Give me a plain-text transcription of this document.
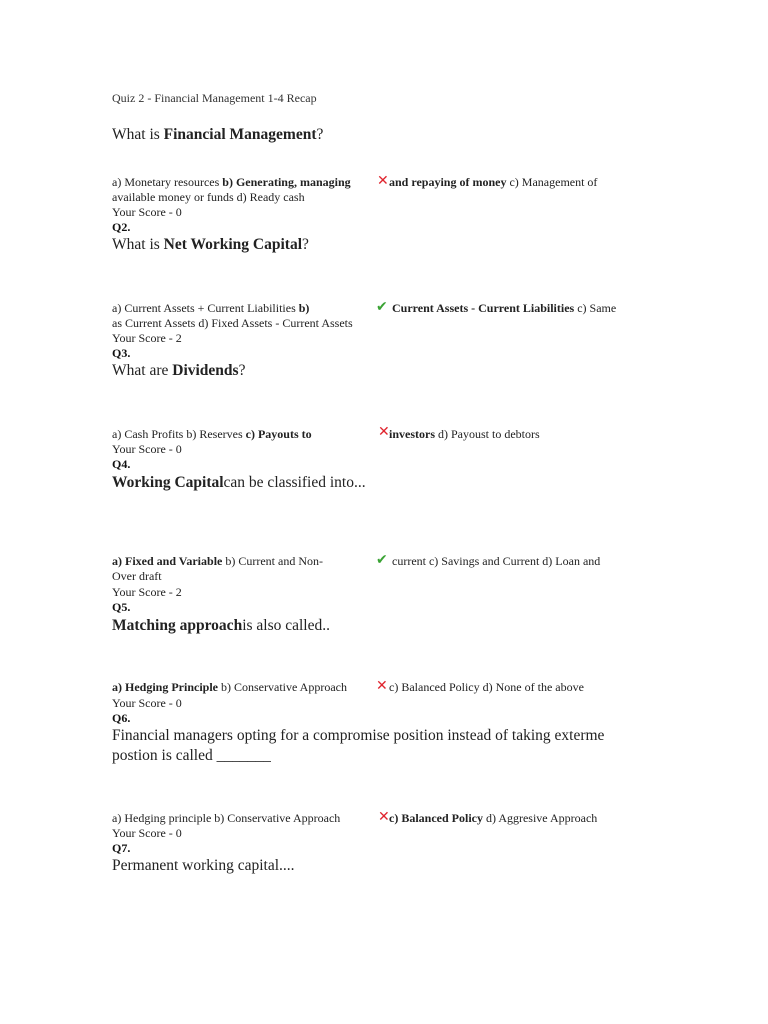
Quiz 2 - Financial Management 1-4 Recap
What is Financial Management?
a) Monetary resources b) Generating, managing ✕ and repaying of money c) Management of
available money or funds d) Ready cash
Your Score - 0
Q2.
What is Net Working Capital?
a) Current Assets + Current Liabilities b)	✔ Current Assets - Current Liabilities c) Same
as Current Assets d) Fixed Assets - Current Assets
Your Score - 2
Q3.
What are Dividends?
a) Cash Profits b) Reserves c) Payouts to	✕ investors d) Payoust to debtors
Your Score - 0
Q4.
Working Capitalcan be classified into...
a) Fixed and Variable b) Current and Non-	✔ current c) Savings and Current d) Loan and
Over draft
Your Score - 2
Q5.
Matching approachis also called..
a) Hedging Principle b) Conservative Approach ✕ c) Balanced Policy d) None of the above
Your Score - 0
Q6.
Financial managers opting for a compromise position instead of taking exterme
postion is called _______
a) Hedging principle b) Conservative Approach	✕ c) Balanced Policy d) Aggresive Approach
Your Score - 0
Q7.
Permanent working capital....
